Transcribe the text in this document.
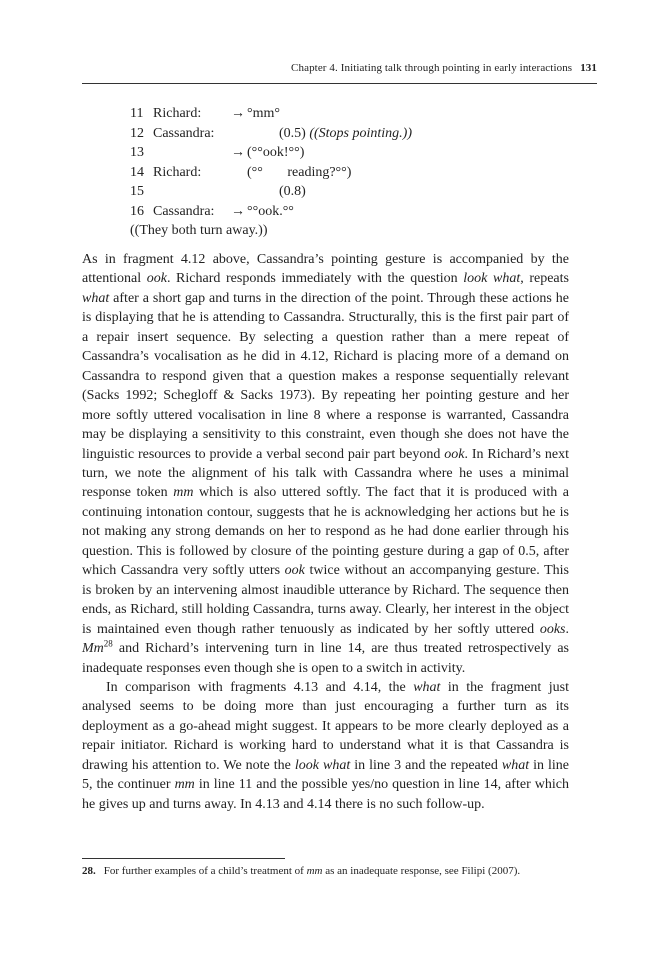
Chapter 4. Initiating talk through pointing in early interactions 131
11 Richard: → °mm°
12 Cassandra:	(0.5) ((Stops pointing.))
13	→ (°°ook!°°)
14 Richard:	(°°       reading?°°)
15	(0.8)
16 Cassandra: → °°ook.°°
((They both turn away.))

As in fragment 4.12 above, Cassandra’s pointing gesture is accompanied by the attentional ook. Richard responds immediately with the question look what, repeats what after a short gap and turns in the direction of the point. Through these actions he is displaying that he is attending to Cassandra. Structurally, this is the first pair part of a repair insert sequence. By selecting a question rather than a mere repeat of Cassandra’s vocalisation as he did in 4.12, Richard is placing more of a demand on Cassandra to respond given that a question makes a response sequentially relevant (Sacks 1992; Schegloff & Sacks 1973). By repeating her pointing gesture and her more softly uttered vocalisation in line 8 where a response is warranted, Cassandra may be displaying a sensitivity to this constraint, even though she does not have the linguistic resources to provide a verbal second pair part beyond ook. In Richard’s next turn, we note the alignment of his talk with Cassandra where he uses a minimal response token mm which is also uttered softly. The fact that it is produced with a continuing intonation contour, suggests that he is acknowledging her actions but he is not making any strong demands on her to respond as he had done earlier through his question. This is followed by closure of the pointing gesture during a gap of 0.5, after which Cassandra very softly utters ook twice without an accompanying gesture. This is broken by an intervening almost inaudible utterance by Richard. The sequence then ends, as Richard, still holding Cassandra, turns away. Clearly, her interest in the object is maintained even though rather tenuously as indicated by her softly uttered ooks. Mm$^{28}$ and Richard’s intervening turn in line 14, are thus treated retrospectively as inadequate responses even though she is open to a switch in activity.

In comparison with fragments 4.13 and 4.14, the what in the fragment just analysed seems to be doing more than just encouraging a further turn as its deployment as a go-ahead might suggest. It appears to be more clearly deployed as a repair initiator. Richard is working hard to understand what it is that Cassandra is drawing his attention to. We note the look what in line 3 and the repeated what in line 5, the continuer mm in line 11 and the possible yes/no question in line 14, after which he gives up and turns away. In 4.13 and 4.14 there is no such follow-up.

28. For further examples of a child’s treatment of mm as an inadequate response, see Filipi (2007).
